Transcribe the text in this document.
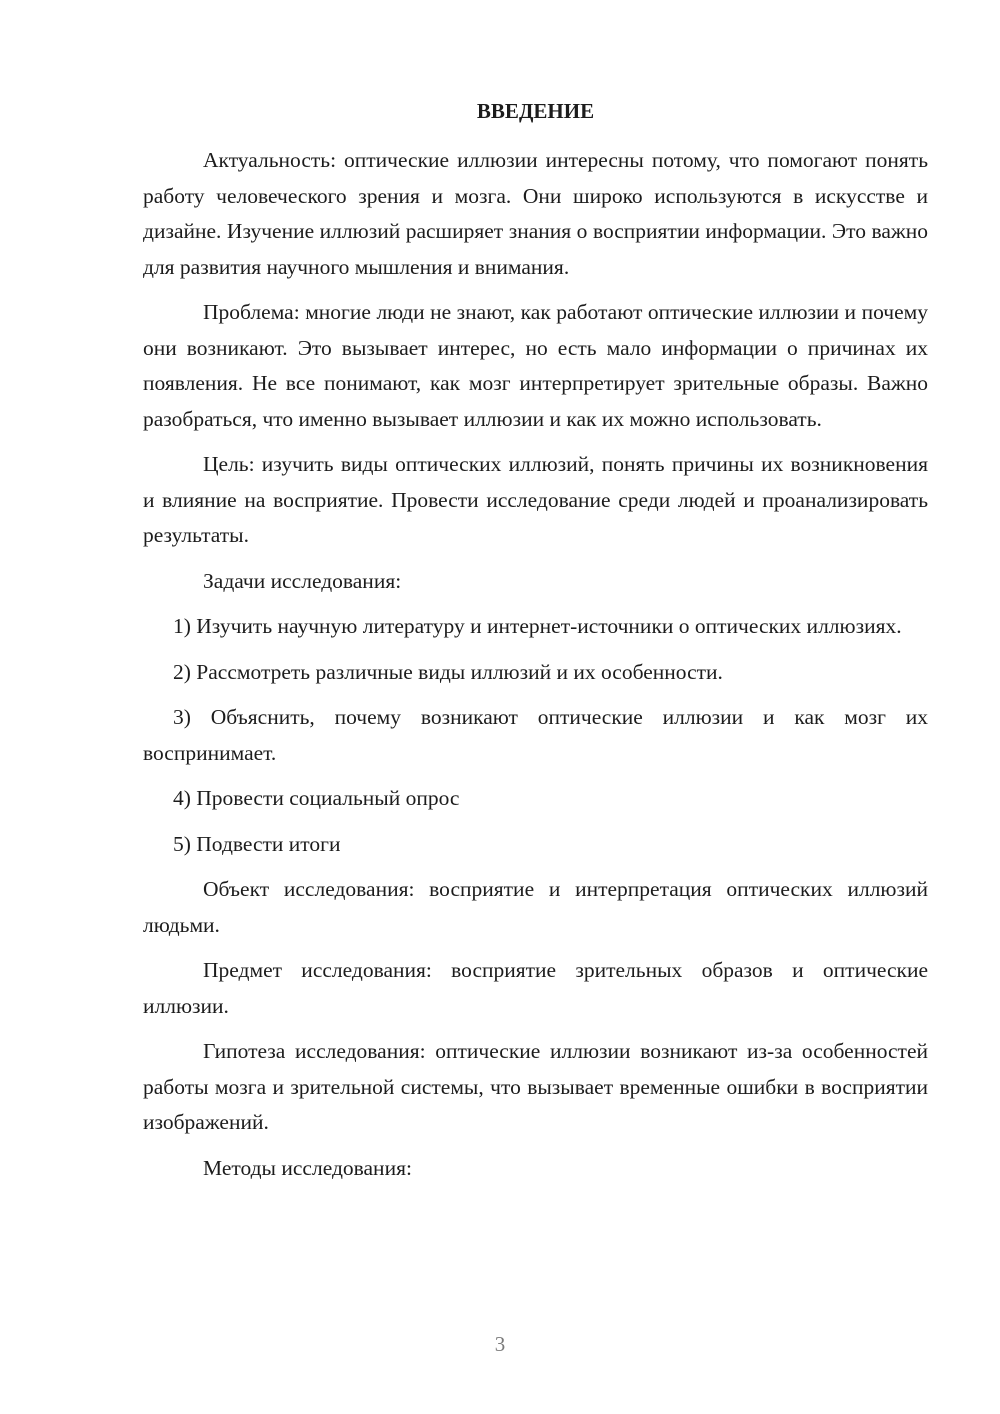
ВВЕДЕНИЕ

Актуальность: оптические иллюзии интересны потому, что помогают понять работу человеческого зрения и мозга. Они широко используются в искусстве и дизайне. Изучение иллюзий расширяет знания о восприятии информации. Это важно для развития научного мышления и внимания.

Проблема: многие люди не знают, как работают оптические иллюзии и почему они возникают. Это вызывает интерес, но есть мало информации о причинах их появления. Не все понимают, как мозг интерпретирует зрительные образы. Важно разобраться, что именно вызывает иллюзии и как их можно использовать.

Цель: изучить виды оптических иллюзий, понять причины их возникновения и влияние на восприятие. Провести исследование среди людей и проанализировать результаты.

Задачи исследования:

1) Изучить научную литературу и интернет-источники о оптических иллюзиях.

2) Рассмотреть различные виды иллюзий и их особенности.

3) Объяснить, почему возникают оптические иллюзии и как мозг их воспринимает.

4) Провести социальный опрос

5) Подвести итоги

Объект исследования: восприятие и интерпретация оптических иллюзий людьми.

Предмет исследования: восприятие зрительных образов и оптические иллюзии.

Гипотеза исследования: оптические иллюзии возникают из-за особенностей работы мозга и зрительной системы, что вызывает временные ошибки в восприятии изображений.

Методы исследования:

3
